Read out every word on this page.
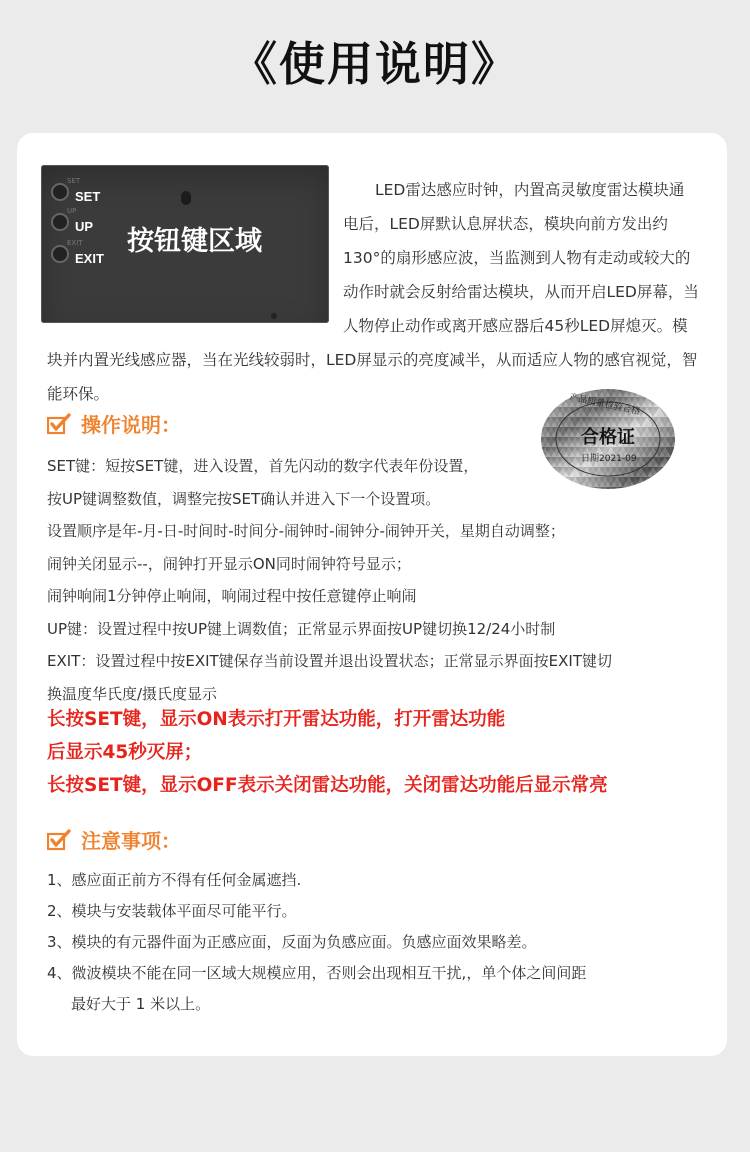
《使用说明》
SET
SET
UP
UP
EXIT
EXIT
按钮键区域
LED雷达感应时钟，内置高灵敏度雷达模块通电后，LED屏默认息屏状态，模块向前方发出约130°的扇形感应波，当监测到人物有走动或较大的动作时就会反射给雷达模块，从而开启LED屏幕，当人物停止动作或离开感应器后45秒LED屏熄灭。模块并内置光线感应器，当在光线较弱时，LED屏显示的亮度减半，从而适应人物的感官视觉，智能环保。
操作说明：
产品质量检验合格
合格证
日期2021-09
SET键：短按SET键，进入设置，首先闪动的数字代表年份设置，
按UP键调整数值，调整完按SET确认并进入下一个设置项。
设置顺序是年-月-日-时间时-时间分-闹钟时-闹钟分-闹钟开关，星期自动调整；
闹钟关闭显示--，闹钟打开显示ON同时闹钟符号显示；
闹钟响闹1分钟停止响闹，响闹过程中按任意键停止响闹
UP键：设置过程中按UP键上调数值；正常显示界面按UP键切换12/24小时制
EXIT：设置过程中按EXIT键保存当前设置并退出设置状态；正常显示界面按EXIT键切
换温度华氏度/摄氏度显示
长按SET键，显示ON表示打开雷达功能，打开雷达功能
后显示45秒灭屏；
长按SET键，显示OFF表示关闭雷达功能，关闭雷达功能后显示常亮
注意事项：
1、感应面正前方不得有任何金属遮挡.
2、模块与安装载体平面尽可能平行。
3、模块的有元器件面为正感应面，反面为负感应面。负感应面效果略差。
4、微波模块不能在同一区域大规模应用，否则会出现相互干扰,，单个体之间间距
最好大于 1 米以上。
